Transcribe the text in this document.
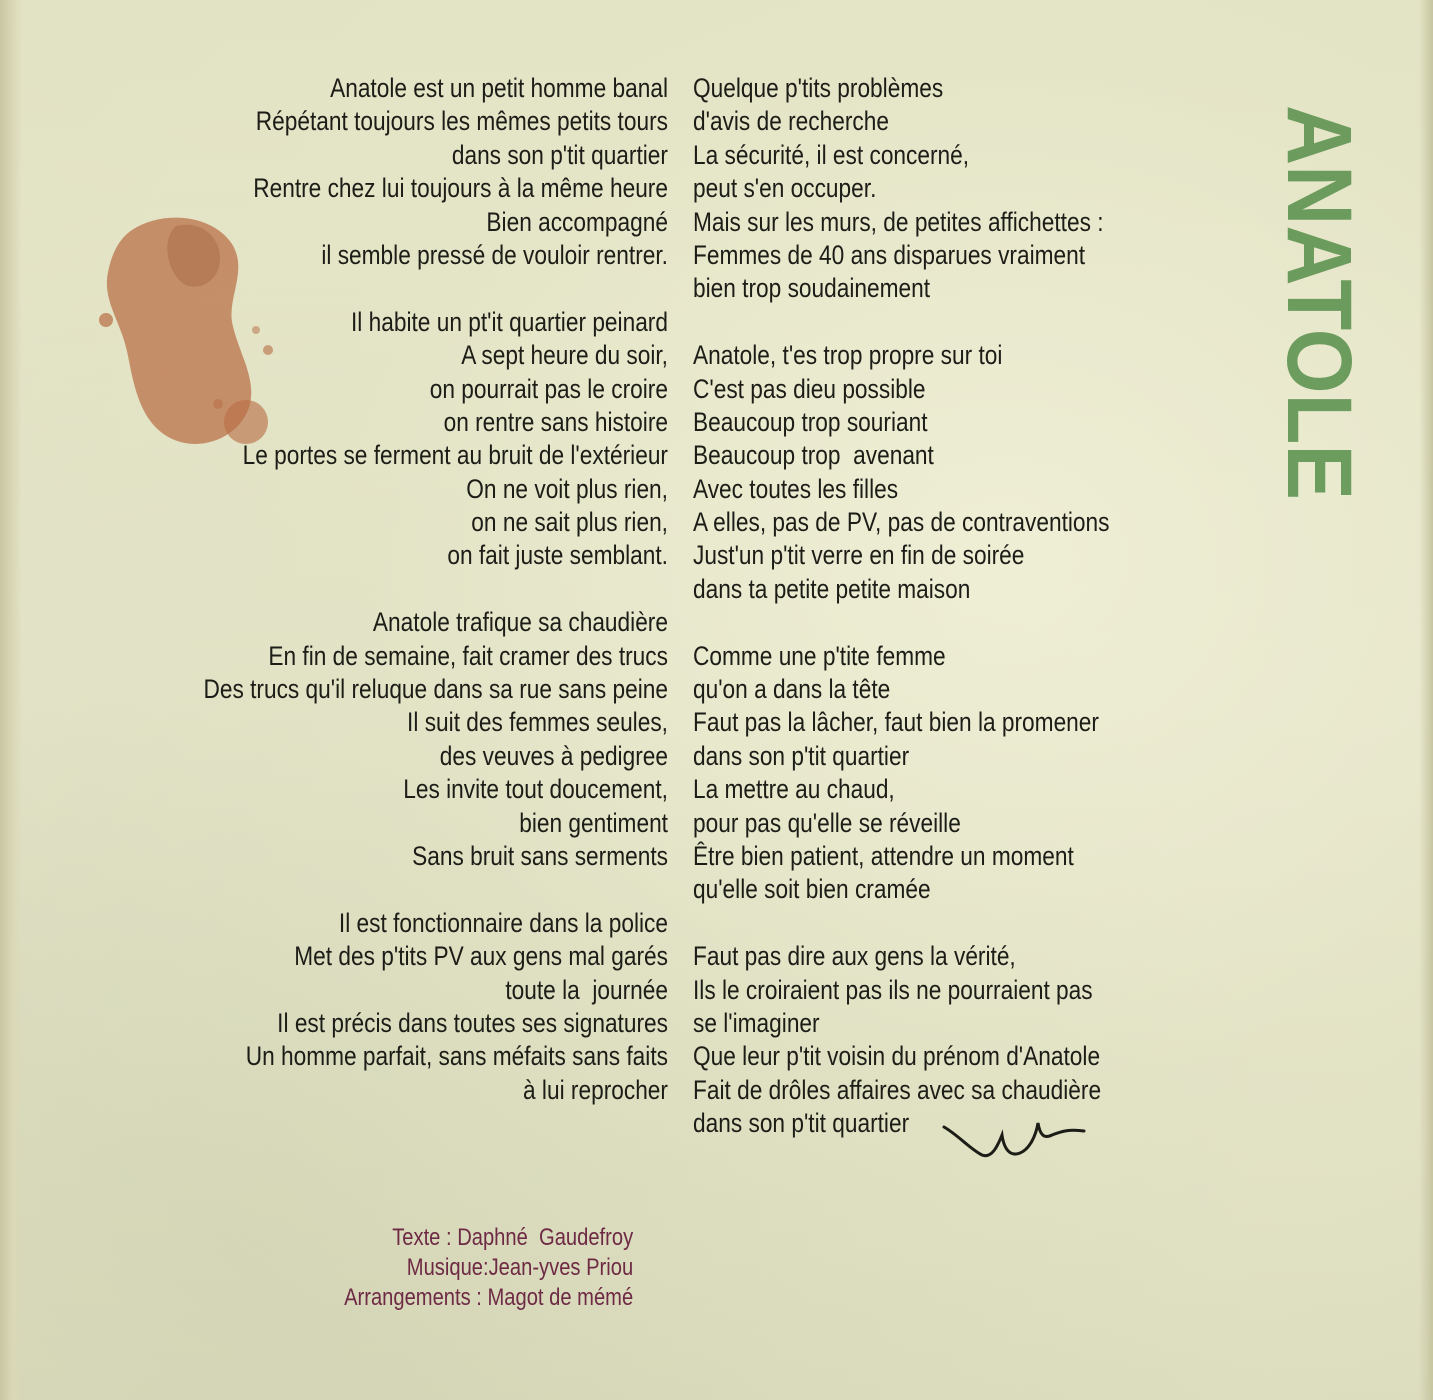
Anatole est un petit homme banal
Répétant toujours les mêmes petits tours
dans son p'tit quartier
Rentre chez lui toujours à la même heure
Bien accompagné
il semble pressé de vouloir rentrer.
Il habite un pt'it quartier peinard
A sept heure du soir,
on pourrait pas le croire
on rentre sans histoire
Le portes se ferment au bruit de l'extérieur
On ne voit plus rien,
on ne sait plus rien,
on fait juste semblant.
Anatole trafique sa chaudière
En fin de semaine, fait cramer des trucs
Des trucs qu'il reluque dans sa rue sans peine
Il suit des femmes seules,
des veuves à pedigree
Les invite tout doucement,
bien gentiment
Sans bruit sans serments
Il est fonctionnaire dans la police
Met des p'tits PV aux gens mal garés
toute la  journée
Il est précis dans toutes ses signatures
Un homme parfait, sans méfaits sans faits
à lui reprocher
Quelque p'tits problèmes
d'avis de recherche
La sécurité, il est concerné,
peut s'en occuper.
Mais sur les murs, de petites affichettes :
Femmes de 40 ans disparues vraiment
bien trop soudainement
Anatole, t'es trop propre sur toi
C'est pas dieu possible
Beaucoup trop souriant
Beaucoup trop  avenant
Avec toutes les filles
A elles, pas de PV, pas de contraventions
Just'un p'tit verre en fin de soirée
dans ta petite petite maison
Comme une p'tite femme
qu'on a dans la tête
Faut pas la lâcher, faut bien la promener
dans son p'tit quartier
La mettre au chaud,
pour pas qu'elle se réveille
Être bien patient, attendre un moment
qu'elle soit bien cramée
Faut pas dire aux gens la vérité,
Ils le croiraient pas ils ne pourraient pas
se l'imaginer
Que leur p'tit voisin du prénom d'Anatole
Fait de drôles affaires avec sa chaudière
dans son p'tit quartier
ANATOLE
Texte : Daphné  Gaudefroy
Musique:Jean-yves Priou
Arrangements : Magot de mémé
